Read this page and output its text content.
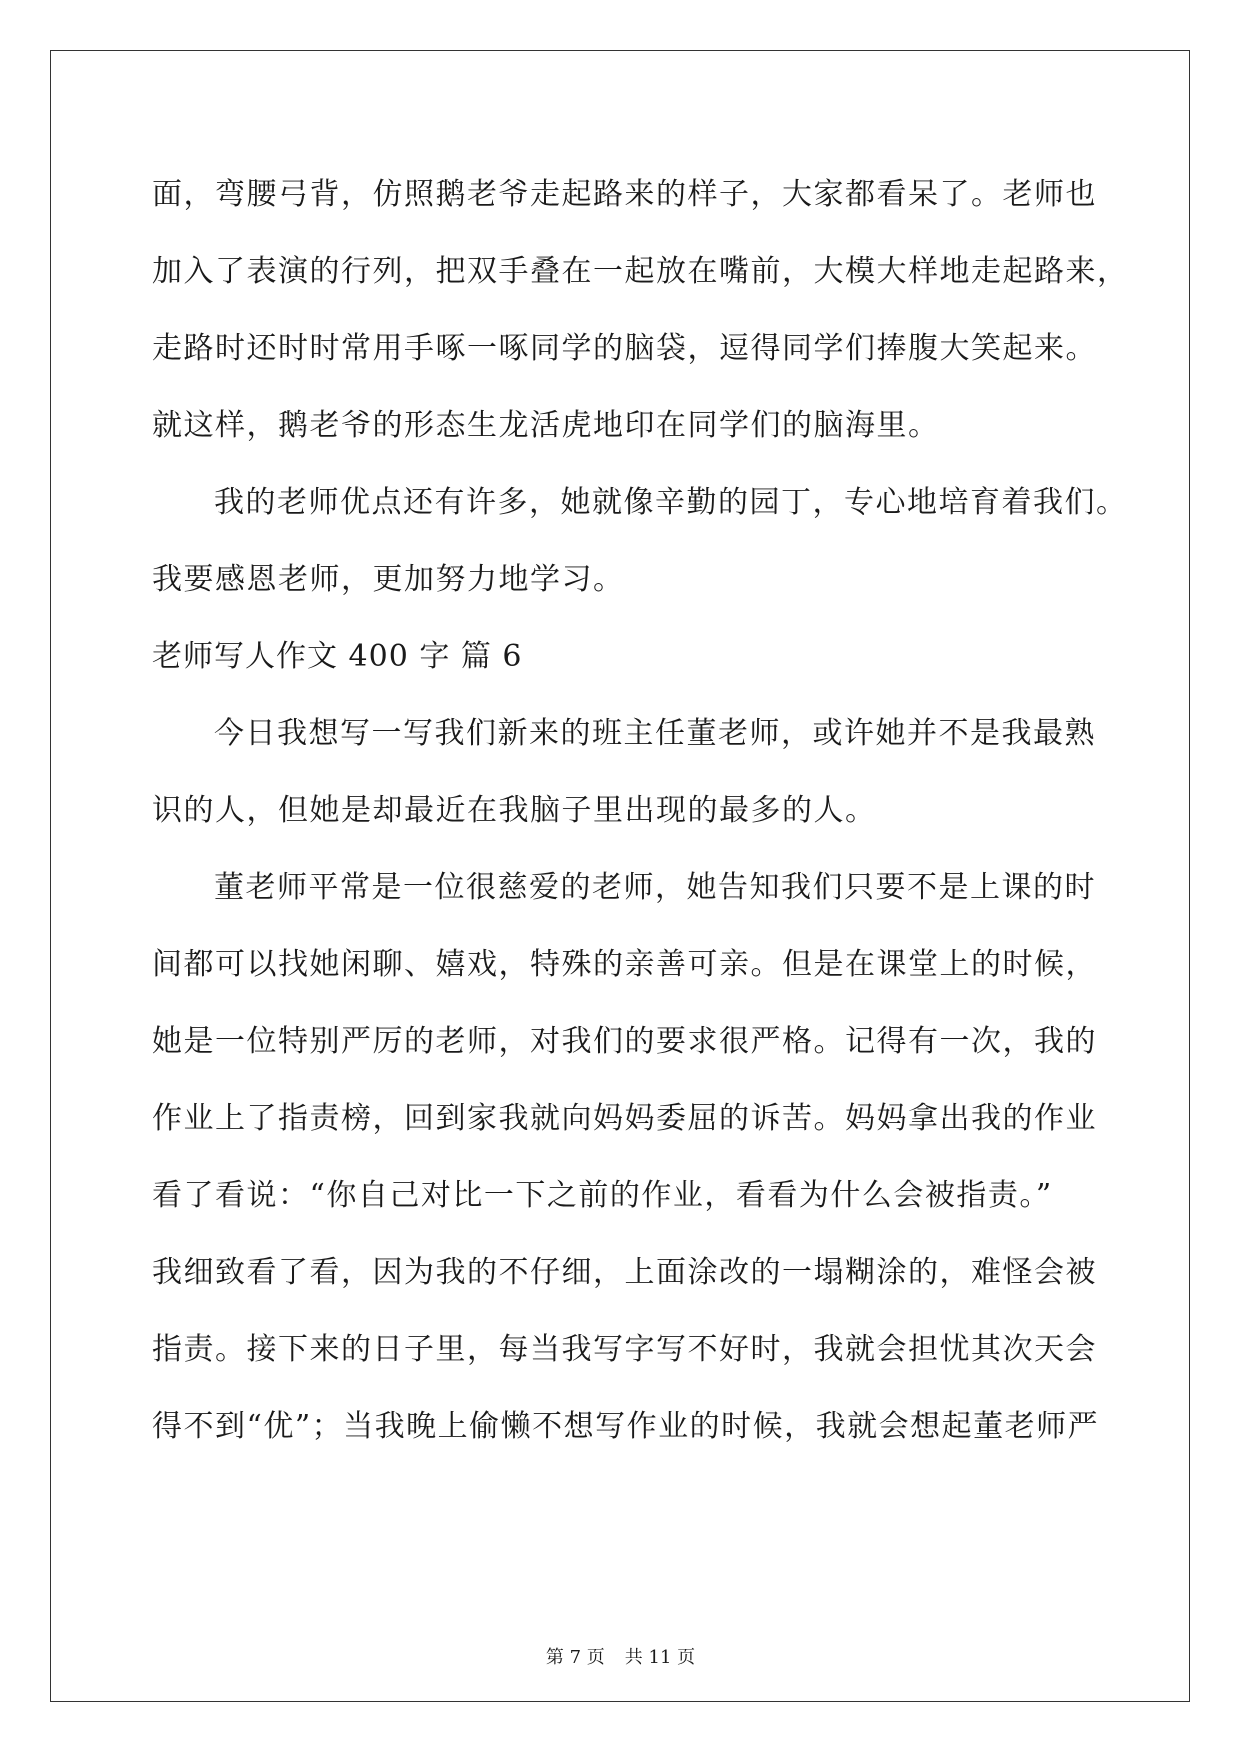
面，弯腰弓背，仿照鹅老爷走起路来的样子，大家都看呆了。老师也
加入了表演的行列，把双手叠在一起放在嘴前，大模大样地走起路来，
走路时还时时常用手啄一啄同学的脑袋，逗得同学们捧腹大笑起来。
就这样，鹅老爷的形态生龙活虎地印在同学们的脑海里。
我的老师优点还有许多，她就像辛勤的园丁，专心地培育着我们。
我要感恩老师，更加努力地学习。
老师写人作文 400 字 篇 6
今日我想写一写我们新来的班主任董老师，或许她并不是我最熟
识的人，但她是却最近在我脑子里出现的最多的人。
董老师平常是一位很慈爱的老师，她告知我们只要不是上课的时
间都可以找她闲聊、嬉戏，特殊的亲善可亲。但是在课堂上的时候，
她是一位特别严厉的老师，对我们的要求很严格。记得有一次，我的
作业上了指责榜，回到家我就向妈妈委屈的诉苦。妈妈拿出我的作业
看了看说：“你自己对比一下之前的作业，看看为什么会被指责。”
我细致看了看，因为我的不仔细，上面涂改的一塌糊涂的，难怪会被
指责。接下来的日子里，每当我写字写不好时，我就会担忧其次天会
得不到“优”；当我晚上偷懒不想写作业的时候，我就会想起董老师严
第 7 页 共 11 页
